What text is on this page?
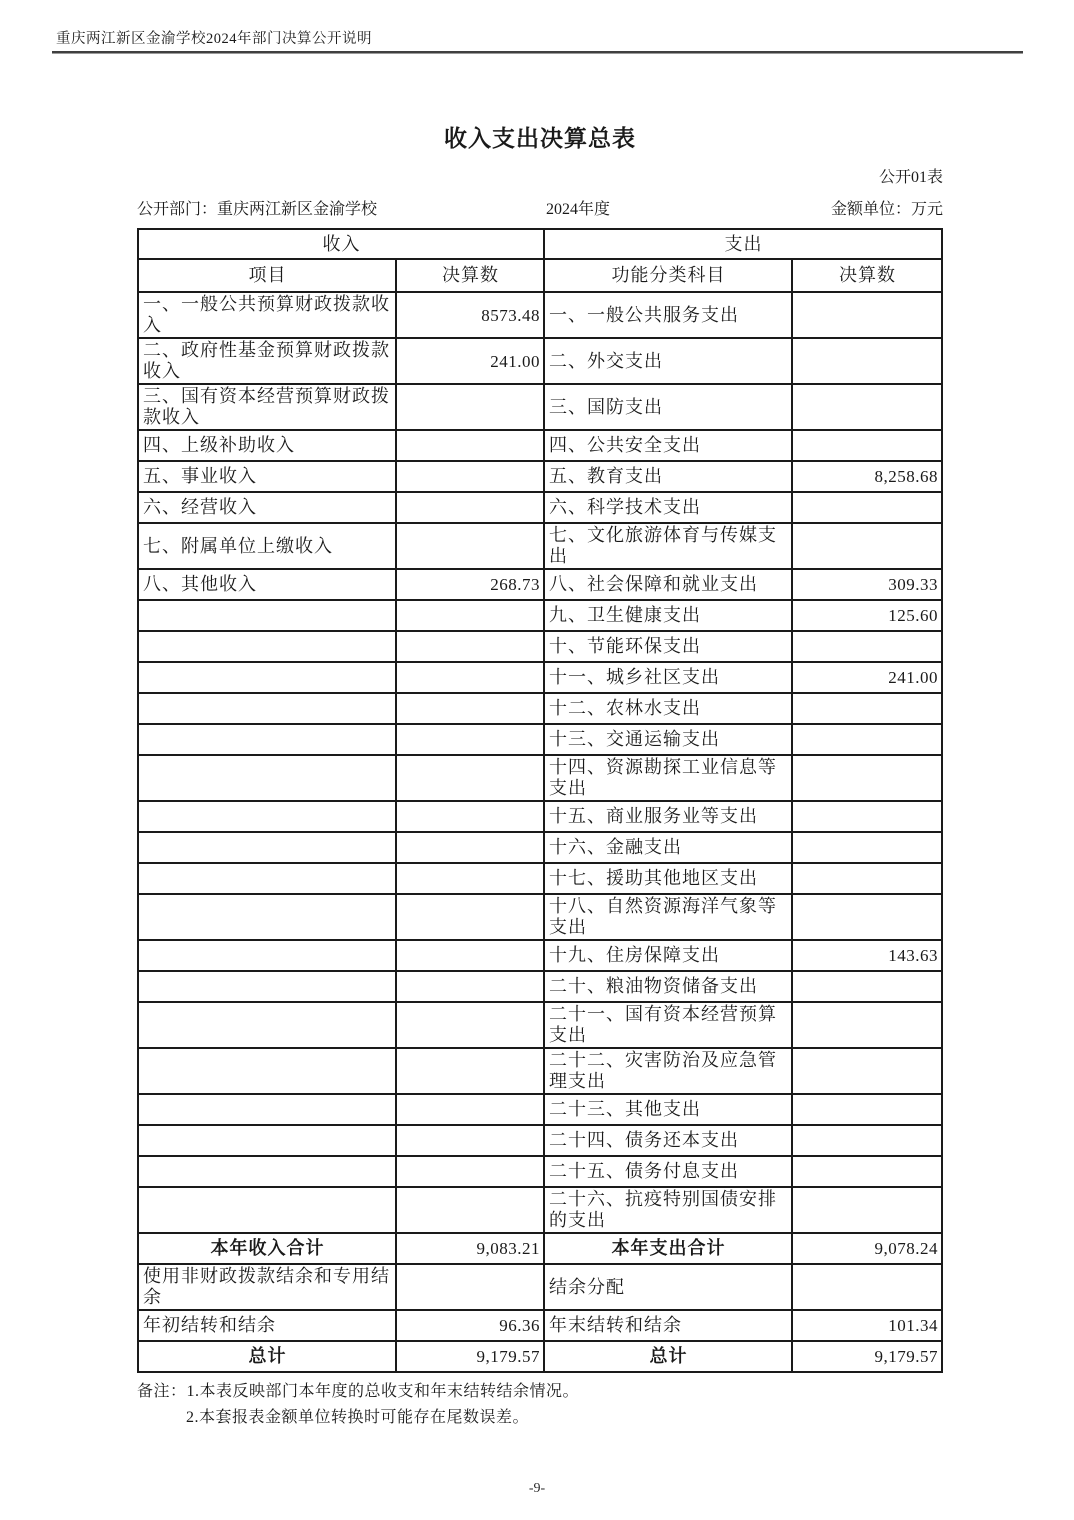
重庆两江新区金渝学校2024年部门决算公开说明
收入支出决算总表
公开01表
公开部门：重庆两江新区金渝学校	2024年度	金额单位：万元
收入		支出	
项目	决算数	功能分类科目	决算数
一、一般公共预算财政拨款收入	8573.48	一、一般公共服务支出	
二、政府性基金预算财政拨款收入	241.00	二、外交支出	
三、国有资本经营预算财政拨款收入		三、国防支出	
四、上级补助收入		四、公共安全支出	
五、事业收入		五、教育支出	8,258.68
六、经营收入		六、科学技术支出	
七、附属单位上缴收入		七、文化旅游体育与传媒支出	
八、其他收入	268.73	八、社会保障和就业支出	309.33
		九、卫生健康支出	125.60
		十、节能环保支出	
		十一、城乡社区支出	241.00
		十二、农林水支出	
		十三、交通运输支出	
		十四、资源勘探工业信息等支出	
		十五、商业服务业等支出	
		十六、金融支出	
		十七、援助其他地区支出	
		十八、自然资源海洋气象等支出	
		十九、住房保障支出	143.63
		二十、粮油物资储备支出	
		二十一、国有资本经营预算支出	
		二十二、灾害防治及应急管理支出	
		二十三、其他支出	
		二十四、债务还本支出	
		二十五、债务付息支出	
		二十六、抗疫特别国债安排的支出	
本年收入合计	9,083.21	本年支出合计	9,078.24
使用非财政拨款结余和专用结余		结余分配	
年初结转和结余	96.36	年末结转和结余	101.34
总计	9,179.57	总计	9,179.57
备注：1.本表反映部门本年度的总收支和年末结转结余情况。
2.本套报表金额单位转换时可能存在尾数误差。
-9-
